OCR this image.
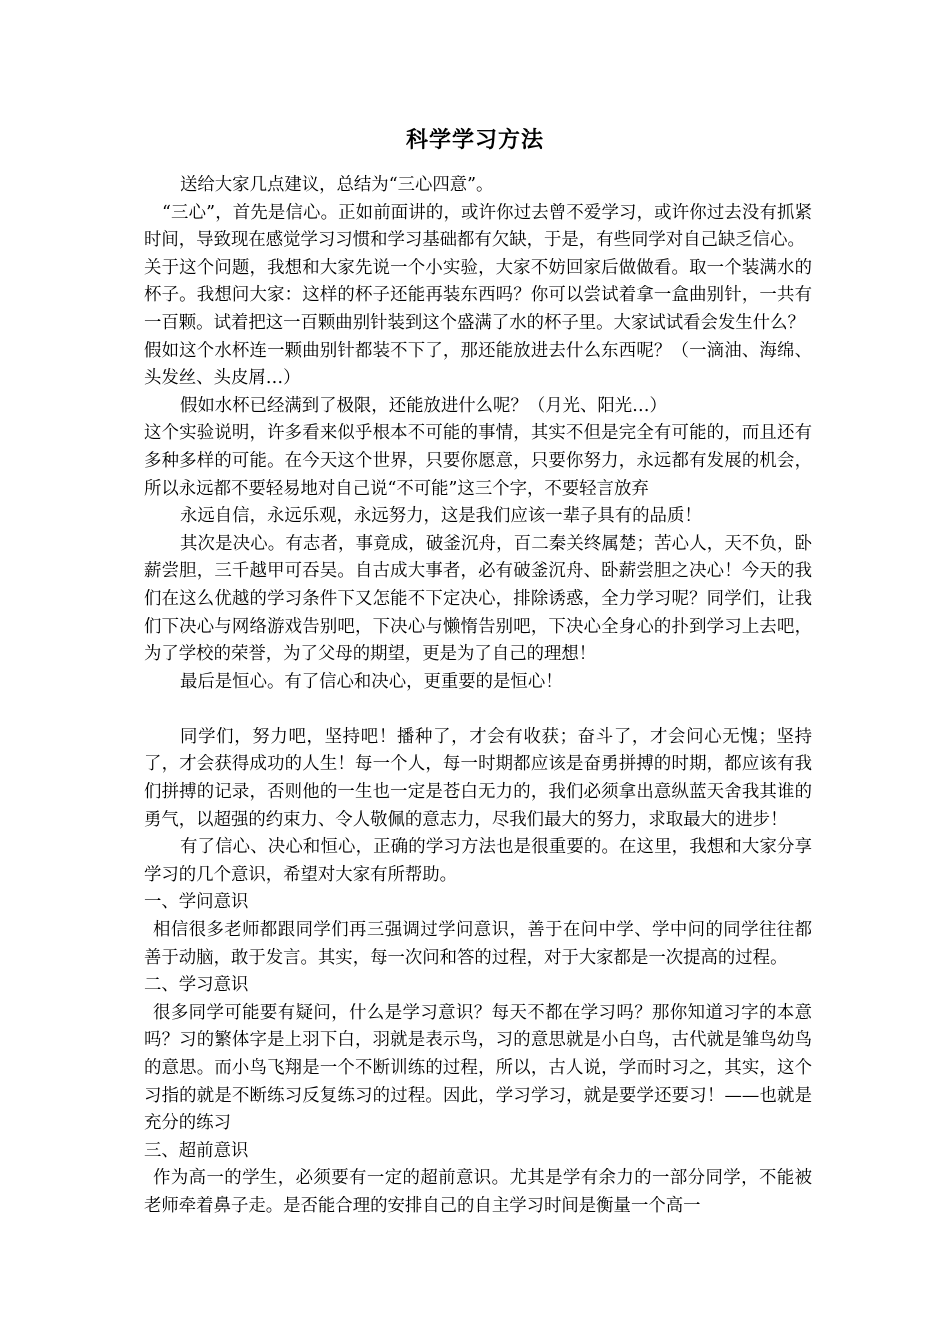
科学学习方法

送给大家几点建议，总结为“三心四意”。

“三心”，首先是信心。正如前面讲的，或许你过去曾不爱学习，或许你过去没有抓紧时间，导致现在感觉学习习惯和学习基础都有欠缺，于是，有些同学对自己缺乏信心。

关于这个问题，我想和大家先说一个小实验，大家不妨回家后做做看。取一个装满水的杯子。我想问大家：这样的杯子还能再装东西吗？你可以尝试着拿一盒曲别针，一共有一百颗。试着把这一百颗曲别针装到这个盛满了水的杯子里。大家试试看会发生什么？

假如这个水杯连一颗曲别针都装不下了，那还能放进去什么东西呢？（一滴油、海绵、头发丝、头皮屑…）

假如水杯已经满到了极限，还能放进什么呢？（月光、阳光…）

这个实验说明，许多看来似乎根本不可能的事情，其实不但是完全有可能的，而且还有多种多样的可能。在今天这个世界，只要你愿意，只要你努力，永远都有发展的机会，所以永远都不要轻易地对自己说“不可能”这三个字，不要轻言放弃

永远自信，永远乐观，永远努力，这是我们应该一辈子具有的品质！

其次是决心。有志者，事竟成，破釜沉舟，百二秦关终属楚；苦心人，天不负，卧薪尝胆，三千越甲可吞吴。自古成大事者，必有破釜沉舟、卧薪尝胆之决心！今天的我们在这么优越的学习条件下又怎能不下定决心，排除诱惑，全力学习呢？同学们，让我们下决心与网络游戏告别吧，下决心与懒惰告别吧，下决心全身心的扑到学习上去吧，为了学校的荣誉，为了父母的期望，更是为了自己的理想！

最后是恒心。有了信心和决心，更重要的是恒心！

同学们，努力吧，坚持吧！播种了，才会有收获；奋斗了，才会问心无愧；坚持了，才会获得成功的人生！每一个人，每一时期都应该是奋勇拼搏的时期，都应该有我们拼搏的记录，否则他的一生也一定是苍白无力的，我们必须拿出意纵蓝天舍我其谁的勇气，以超强的约束力、令人敬佩的意志力，尽我们最大的努力，求取最大的进步！

有了信心、决心和恒心，正确的学习方法也是很重要的。在这里，我想和大家分享学习的几个意识，希望对大家有所帮助。

一、学问意识

相信很多老师都跟同学们再三强调过学问意识，善于在问中学、学中问的同学往往都善于动脑，敢于发言。其实，每一次问和答的过程，对于大家都是一次提高的过程。

二、学习意识

很多同学可能要有疑问，什么是学习意识？每天不都在学习吗？那你知道习字的本意吗？习的繁体字是上羽下白，羽就是表示鸟，习的意思就是小白鸟，古代就是雏鸟幼鸟的意思。而小鸟飞翔是一个不断训练的过程，所以，古人说，学而时习之，其实，这个习指的就是不断练习反复练习的过程。因此，学习学习，就是要学还要习！——也就是充分的练习

三、超前意识

作为高一的学生，必须要有一定的超前意识。尤其是学有余力的一部分同学，不能被老师牵着鼻子走。是否能合理的安排自己的自主学习时间是衡量一个高一
